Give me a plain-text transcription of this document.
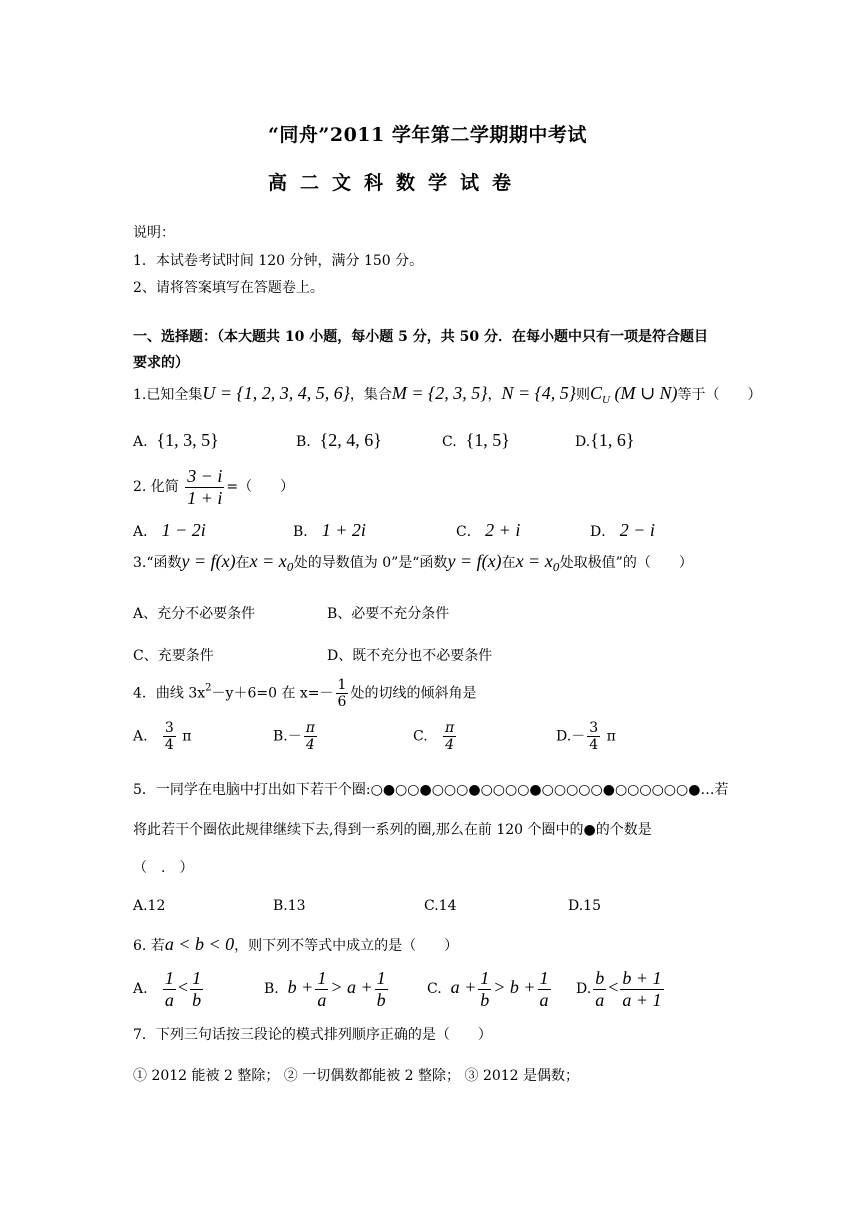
“同舟”2011 学年第二学期期中考试
高二文科数学试卷
说明：
1．本试卷考试时间 120 分钟，满分 150 分。
2、请将答案填写在答题卷上。
一、选择题：（本大题共 10 小题，每小题 5 分，共 50 分．在每小题中只有一项是符合题目
要求的）
1.已知全集U = {1, 2, 3, 4, 5, 6}，集合M = {2, 3, 5}，N = {4, 5}则$C_U$ (M ∪ N)等于（　　）
A. {1, 3, 5}	B. {2, 4, 6}	C. {1, 5}	D.{1, 6}
2. 化简 $\frac{3 - i}{1 + i}$ =（　　）
A． 1 − 2i	B． 1 + 2i	C． 2 + i	D． 2 − i
3.“函数y = f(x)在$x = x_0$处的导数值为 0”是“函数y = f(x)在$x = x_0$处取极值”的（　　）
A、充分不必要条件	B、必要不充分条件
C、充要条件	D、既不充分也不必要条件
4．曲线 $3x^2-y+6=0$ 在 $x=- \frac{1}{6}$ 处的切线的倾斜角是
A. $\frac{3}{4}$ π	$B.- \frac{\pi}{4}$	C. $\frac{\pi}{4}$	$D.- \frac{3}{4}$ π
5．一同学在电脑中打出如下若干个圈:○●○○●○○○●○○○○●○○○○○●○○○○○○●…若
将此若干个圈依此规律继续下去,得到一系列的圈,那么在前 120 个圈中的●的个数是
（　.　）
A.12	B.13	C.14	D.15
6. 若a < b < 0，则下列不等式中成立的是（　　）
A. $\frac{1}{a} < \frac{1}{b}$	B. $b + \frac{1}{a} > a + \frac{1}{b}$	C. $a + \frac{1}{b} > b + \frac{1}{a} D$. $\frac{b}{a} < \frac{b + 1}{a + 1}$
7．下列三句话按三段论的模式排列顺序正确的是（　　）
① 2012 能被 2 整除； ② 一切偶数都能被 2 整除； ③ 2012 是偶数；
